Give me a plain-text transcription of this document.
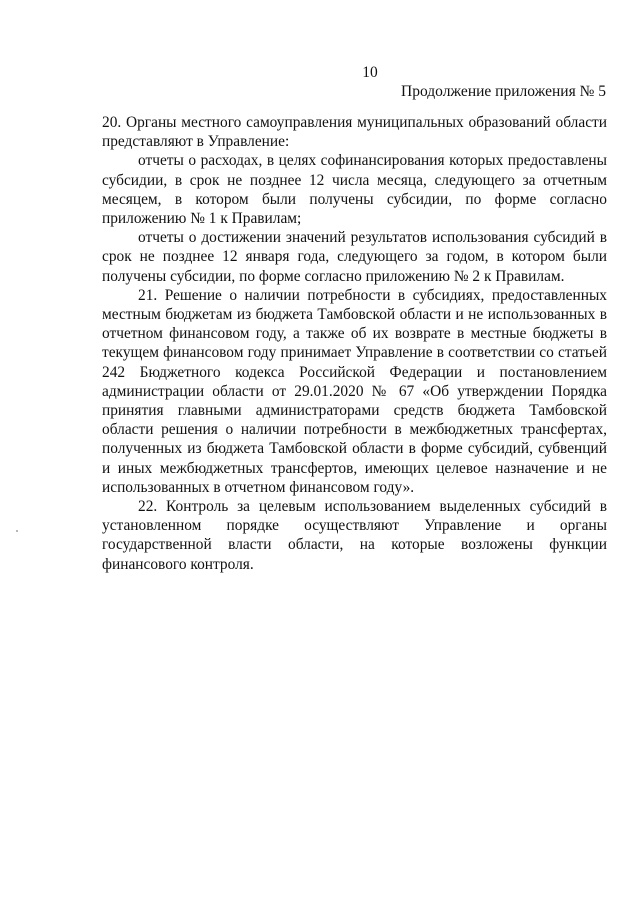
10
Продолжение приложения № 5

20. Органы местного самоуправления муниципальных образований области представляют в Управление:

отчеты о расходах, в целях софинансирования которых предоставлены субсидии, в срок не позднее 12 числа месяца, следующего за отчетным месяцем, в котором были получены субсидии, по форме согласно приложению № 1 к Правилам;

отчеты о достижении значений результатов использования субсидий в срок не позднее 12 января года, следующего за годом, в котором были получены субсидии, по форме согласно приложению № 2 к Правилам.

21. Решение о наличии потребности в субсидиях, предоставленных местным бюджетам из бюджета Тамбовской области и не использованных в отчетном финансовом году, а также об их возврате в местные бюджеты в текущем финансовом году принимает Управление в соответствии со статьей 242 Бюджетного кодекса Российской Федерации и постановлением администрации области от 29.01.2020 № 67 «Об утверждении Порядка принятия главными администраторами средств бюджета Тамбовской области решения о наличии потребности в межбюджетных трансфертах, полученных из бюджета Тамбовской области в форме субсидий, субвенций и иных межбюджетных трансфертов, имеющих целевое назначение и не использованных в отчетном финансовом году».

22. Контроль за целевым использованием выделенных субсидий в установленном порядке осуществляют Управление и органы государственной власти области, на которые возложены функции финансового контроля.
